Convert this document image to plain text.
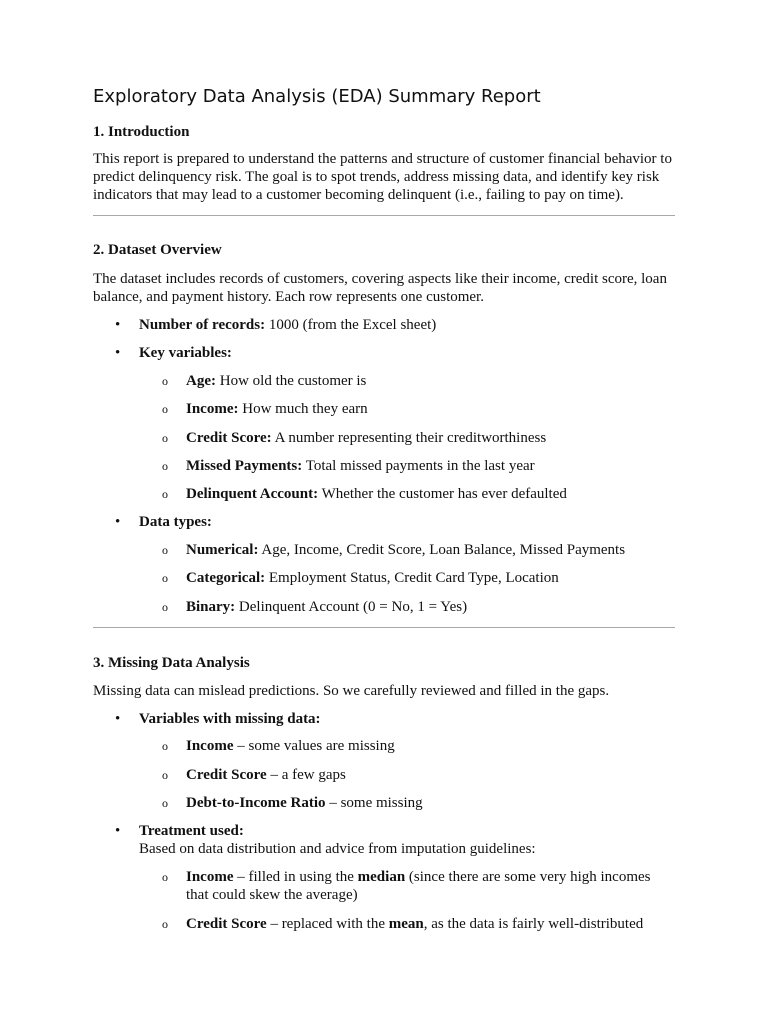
Exploratory Data Analysis (EDA) Summary Report
1. Introduction
This report is prepared to understand the patterns and structure of customer financial behavior to predict delinquency risk. The goal is to spot trends, address missing data, and identify key risk indicators that may lead to a customer becoming delinquent (i.e., failing to pay on time).
2. Dataset Overview
The dataset includes records of customers, covering aspects like their income, credit score, loan balance, and payment history. Each row represents one customer.
• Number of records: 1000 (from the Excel sheet)
• Key variables:
o Age: How old the customer is
o Income: How much they earn
o Credit Score: A number representing their creditworthiness
o Missed Payments: Total missed payments in the last year
o Delinquent Account: Whether the customer has ever defaulted
• Data types:
o Numerical: Age, Income, Credit Score, Loan Balance, Missed Payments
o Categorical: Employment Status, Credit Card Type, Location
o Binary: Delinquent Account (0 = No, 1 = Yes)
3. Missing Data Analysis
Missing data can mislead predictions. So we carefully reviewed and filled in the gaps.
• Variables with missing data:
o Income – some values are missing
o Credit Score – a few gaps
o Debt-to-Income Ratio – some missing
• Treatment used:
Based on data distribution and advice from imputation guidelines:
o Income – filled in using the median (since there are some very high incomes that could skew the average)
o Credit Score – replaced with the mean, as the data is fairly well-distributed
